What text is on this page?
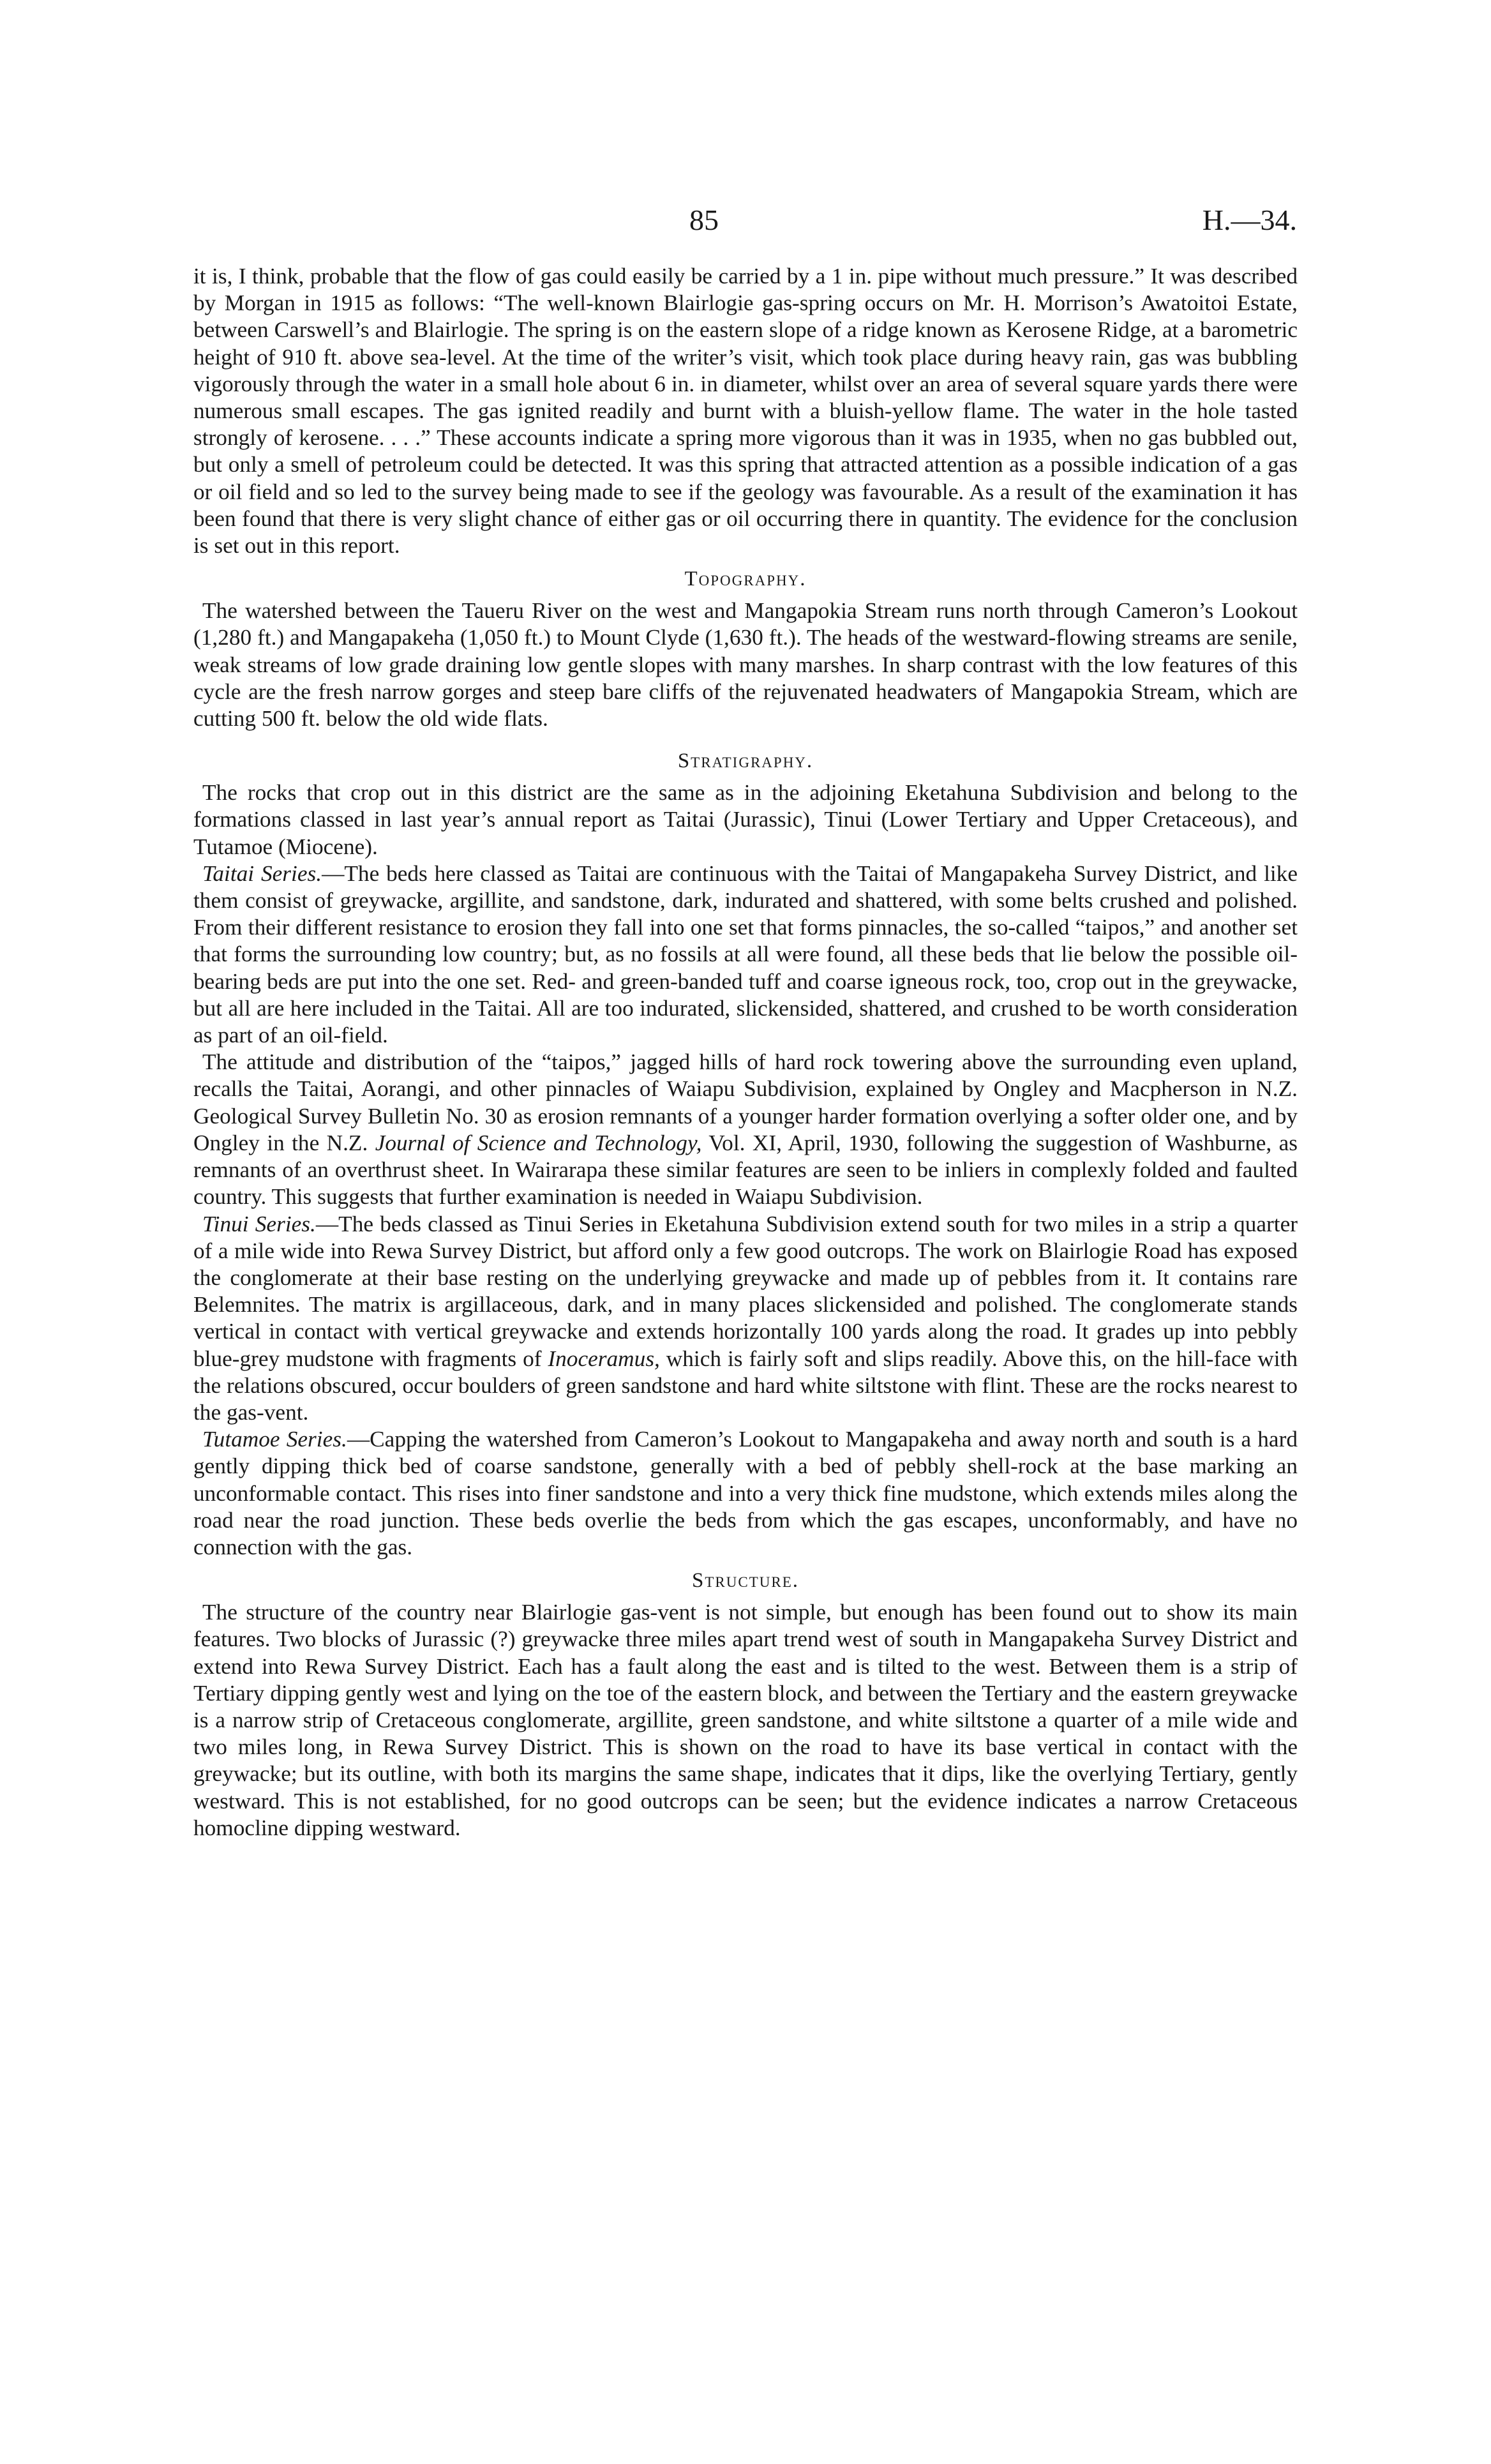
85	H.—34.

it is, I think, probable that the flow of gas could easily be carried by a 1 in. pipe without much pressure.” It was described by Morgan in 1915 as follows: “The well-known Blairlogie gas-spring occurs on Mr. H. Morrison’s Awatoitoi Estate, between Carswell’s and Blairlogie. The spring is on the eastern slope of a ridge known as Kerosene Ridge, at a barometric height of 910 ft. above sea-level. At the time of the writer’s visit, which took place during heavy rain, gas was bubbling vigorously through the water in a small hole about 6 in. in diameter, whilst over an area of several square yards there were numerous small escapes. The gas ignited readily and burnt with a bluish-yellow flame. The water in the hole tasted strongly of kerosene. . . .” These accounts indicate a spring more vigorous than it was in 1935, when no gas bubbled out, but only a smell of petroleum could be detected. It was this spring that attracted attention as a possible indication of a gas or oil field and so led to the survey being made to see if the geology was favourable. As a result of the examination it has been found that there is very slight chance of either gas or oil occurring there in quantity. The evidence for the conclusion is set out in this report.

Topography.

The watershed between the Taueru River on the west and Mangapokia Stream runs north through Cameron’s Lookout (1,280 ft.) and Mangapakeha (1,050 ft.) to Mount Clyde (1,630 ft.). The heads of the westward-flowing streams are senile, weak streams of low grade draining low gentle slopes with many marshes. In sharp contrast with the low features of this cycle are the fresh narrow gorges and steep bare cliffs of the rejuvenated headwaters of Mangapokia Stream, which are cutting 500 ft. below the old wide flats.

Stratigraphy.

The rocks that crop out in this district are the same as in the adjoining Eketahuna Subdivision and belong to the formations classed in last year’s annual report as Taitai (Jurassic), Tinui (Lower Tertiary and Upper Cretaceous), and Tutamoe (Miocene).

Taitai Series.—The beds here classed as Taitai are continuous with the Taitai of Mangapakeha Survey District, and like them consist of greywacke, argillite, and sandstone, dark, indurated and shattered, with some belts crushed and polished. From their different resistance to erosion they fall into one set that forms pinnacles, the so-called “taipos,” and another set that forms the surrounding low country; but, as no fossils at all were found, all these beds that lie below the possible oil-bearing beds are put into the one set. Red- and green-banded tuff and coarse igneous rock, too, crop out in the greywacke, but all are here included in the Taitai. All are too indurated, slickensided, shattered, and crushed to be worth consideration as part of an oil-field.

The attitude and distribution of the “taipos,” jagged hills of hard rock towering above the surrounding even upland, recalls the Taitai, Aorangi, and other pinnacles of Waiapu Subdivision, explained by Ongley and Macpherson in N.Z. Geological Survey Bulletin No. 30 as erosion remnants of a younger harder formation overlying a softer older one, and by Ongley in the N.Z. Journal of Science and Technology, Vol. XI, April, 1930, following the suggestion of Washburne, as remnants of an overthrust sheet. In Wairarapa these similar features are seen to be inliers in complexly folded and faulted country. This suggests that further examination is needed in Waiapu Subdivision.

Tinui Series.—The beds classed as Tinui Series in Eketahuna Subdivision extend south for two miles in a strip a quarter of a mile wide into Rewa Survey District, but afford only a few good outcrops. The work on Blairlogie Road has exposed the conglomerate at their base resting on the underlying greywacke and made up of pebbles from it. It contains rare Belemnites. The matrix is argillaceous, dark, and in many places slickensided and polished. The conglomerate stands vertical in contact with vertical greywacke and extends horizontally 100 yards along the road. It grades up into pebbly blue-grey mudstone with fragments of Inoceramus, which is fairly soft and slips readily. Above this, on the hill-face with the relations obscured, occur boulders of green sandstone and hard white siltstone with flint. These are the rocks nearest to the gas-vent.

Tutamoe Series.—Capping the watershed from Cameron’s Lookout to Mangapakeha and away north and south is a hard gently dipping thick bed of coarse sandstone, generally with a bed of pebbly shell-rock at the base marking an unconformable contact. This rises into finer sandstone and into a very thick fine mudstone, which extends miles along the road near the road junction. These beds overlie the beds from which the gas escapes, unconformably, and have no connection with the gas.

Structure.

The structure of the country near Blairlogie gas-vent is not simple, but enough has been found out to show its main features. Two blocks of Jurassic (?) greywacke three miles apart trend west of south in Mangapakeha Survey District and extend into Rewa Survey District. Each has a fault along the east and is tilted to the west. Between them is a strip of Tertiary dipping gently west and lying on the toe of the eastern block, and between the Tertiary and the eastern greywacke is a narrow strip of Cretaceous conglomerate, argillite, green sandstone, and white siltstone a quarter of a mile wide and two miles long, in Rewa Survey District. This is shown on the road to have its base vertical in contact with the greywacke; but its outline, with both its margins the same shape, indicates that it dips, like the overlying Tertiary, gently westward. This is not established, for no good outcrops can be seen; but the evidence indicates a narrow Cretaceous homocline dipping westward.
